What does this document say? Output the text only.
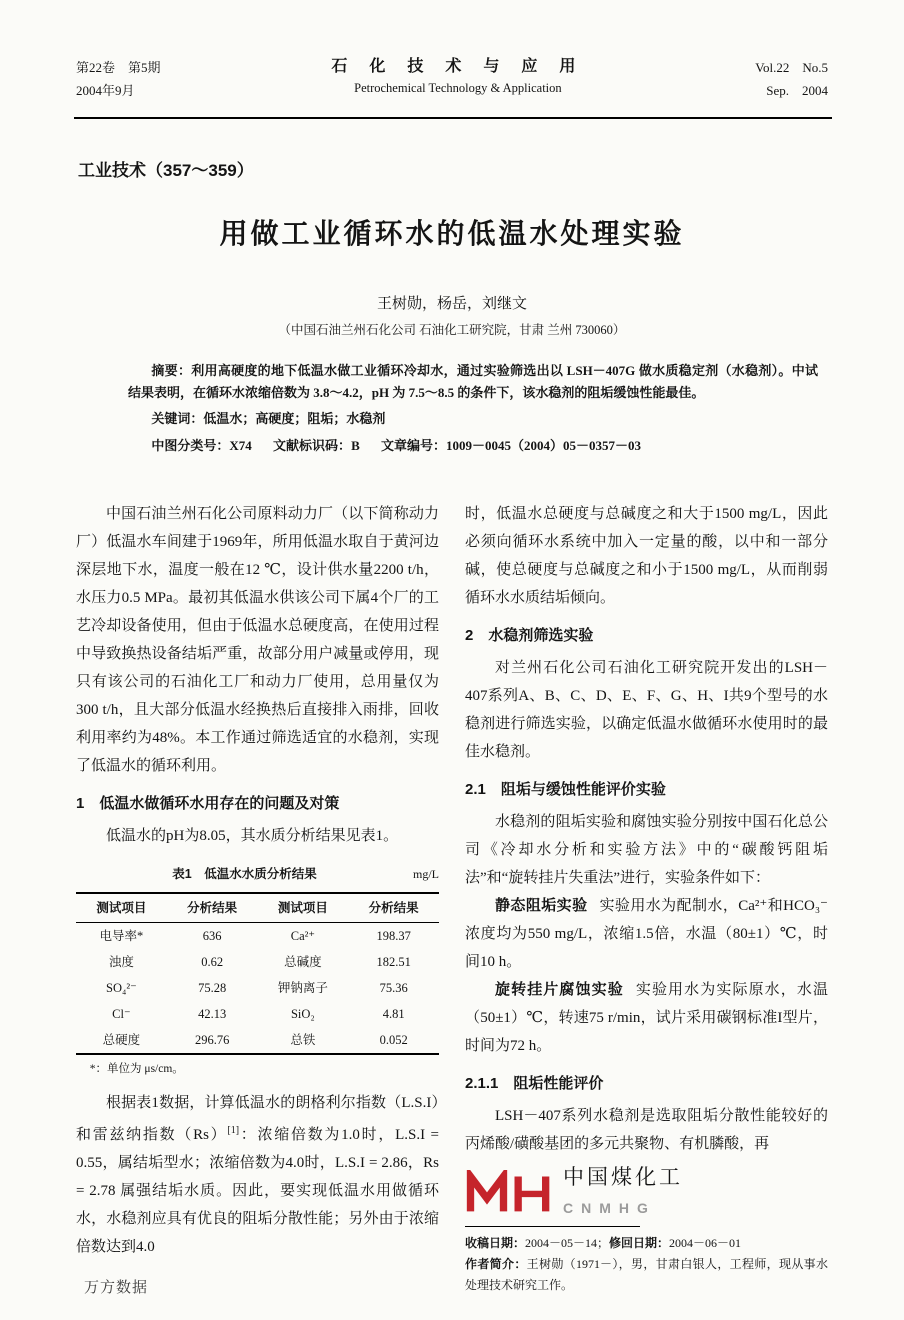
第22卷　第5期
2004年9月
石 化 技 术 与 应 用
Petrochemical Technology & Application
Vol.22　No.5
Sep.　2004
工业技术（357～359）
用做工业循环水的低温水处理实验
王树勋，杨岳，刘继文
（中国石油兰州石化公司 石油化工研究院，甘肃 兰州 730060）

摘要：利用高硬度的地下低温水做工业循环冷却水，通过实验筛选出以 LSH－407G 做水质稳定剂（水稳剂）。中试结果表明，在循环水浓缩倍数为 3.8～4.2，pH 为 7.5～8.5 的条件下，该水稳剂的阻垢缓蚀性能最佳。

关键词：低温水；高硬度；阻垢；水稳剂
中图分类号：X74 文献标识码：B 文章编号：1009－0045（2004）05－0357－03

中国石油兰州石化公司原料动力厂（以下简称动力厂）低温水车间建于1969年，所用低温水取自于黄河边深层地下水，温度一般在12 ℃，设计供水量2200 t/h，水压力0.5 MPa。最初其低温水供该公司下属4个厂的工艺冷却设备使用，但由于低温水总硬度高，在使用过程中导致换热设备结垢严重，故部分用户减量或停用，现只有该公司的石油化工厂和动力厂使用，总用量仅为300 t/h，且大部分低温水经换热后直接排入雨排，回收利用率约为48%。本工作通过筛选适宜的水稳剂，实现了低温水的循环利用。

1　低温水做循环水用存在的问题及对策

低温水的pH为8.05，其水质分析结果见表1。

表1　低温水水质分析结果	mg/L
测试项目	分析结果	测试项目	分析结果
电导率*	636	Ca²⁺	198.37
浊度	0.62	总碱度	182.51
SO₄²⁻	75.28	钾钠离子	75.36
Cl⁻	42.13	SiO₂	4.81
总硬度	296.76	总铁	0.052
*：单位为 μs/cm。

根据表1数据，计算低温水的朗格利尔指数（L.S.I）和雷兹纳指数（Rs）[1]：浓缩倍数为1.0时，L.S.I = 0.55，属结垢型水；浓缩倍数为4.0时，L.S.I = 2.86，Rs = 2.78 属强结垢水质。因此，要实现低温水用做循环水，水稳剂应具有优良的阻垢分散性能；另外由于浓缩倍数达到4.0

时，低温水总硬度与总碱度之和大于1500 mg/L，因此必须向循环水系统中加入一定量的酸，以中和一部分碱，使总硬度与总碱度之和小于1500 mg/L，从而削弱循环水水质结垢倾向。

2　水稳剂筛选实验

对兰州石化公司石油化工研究院开发出的LSH－407系列A、B、C、D、E、F、G、H、I共9个型号的水稳剂进行筛选实验，以确定低温水做循环水使用时的最佳水稳剂。

2.1　阻垢与缓蚀性能评价实验

水稳剂的阻垢实验和腐蚀实验分别按中国石化总公司《冷却水分析和实验方法》中的“碳酸钙阻垢法”和“旋转挂片失重法”进行，实验条件如下：

静态阻垢实验 实验用水为配制水，Ca²⁺和HCO₃⁻浓度均为550 mg/L，浓缩1.5倍，水温（80±1）℃，时间10 h。

旋转挂片腐蚀实验 实验用水为实际原水，水温（50±1）℃，转速75 r/min，试片采用碳钢标准I型片，时间为72 h。

2.1.1　阻垢性能评价

LSH－407系列水稳剂是选取阻垢分散性能较好的丙烯酸/磺酸基团的多元共聚物、有机膦酸，再

中国煤化工
CNMHG

收稿日期：2004－05－14；修回日期：2004－06－01

作者简介：王树勋（1971－），男，甘肃白银人，工程师，现从事水处理技术研究工作。

万方数据
